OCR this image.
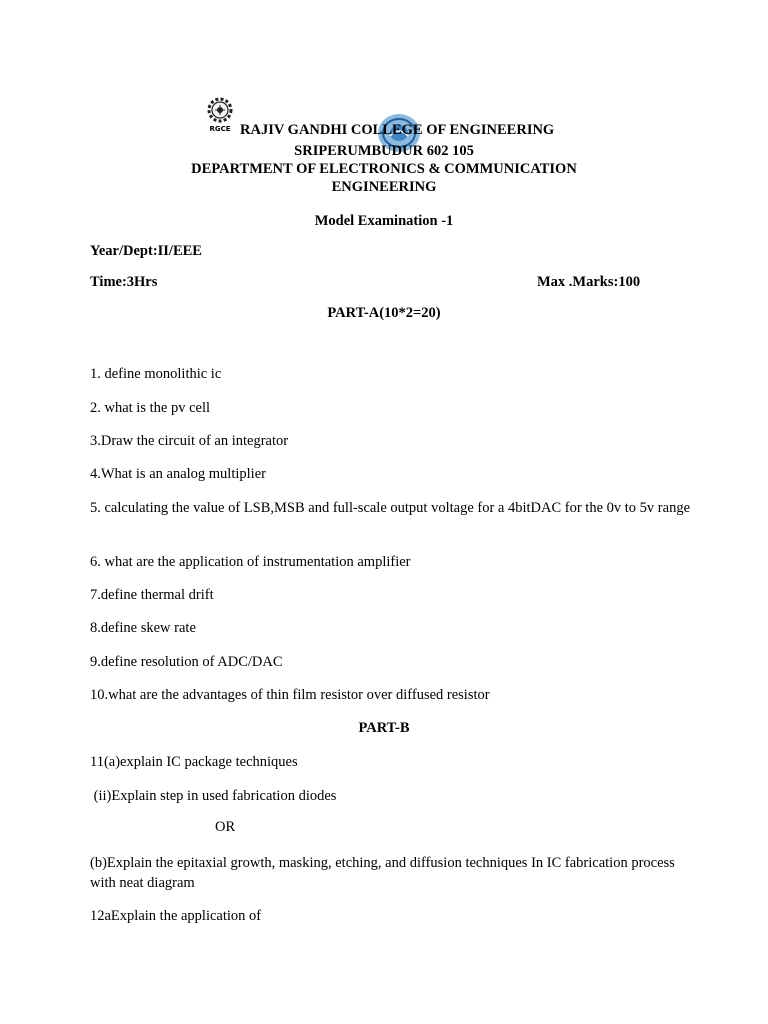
RGCE RAJIV GANDHI COLLEGE OF ENGINEERING
SRIPERUMBUDUR 602 105
DEPARTMENT OF ELECTRONICS & COMMUNICATION
ENGINEERING
Model Examination -1
Year/Dept:II/EEE
Time:3Hrs	Max .Marks:100
PART-A(10*2=20)
1. define monolithic ic
2. what is the pv cell
3.Draw the circuit of an integrator
4.What is an analog multiplier
5. calculating the value of LSB,MSB and full-scale output voltage for a 4bitDAC for the 0v to 5v range
6. what are the application of instrumentation amplifier
7.define thermal drift
8.define skew rate
9.define resolution of ADC/DAC
10.what are the advantages of thin film resistor over diffused resistor
PART-B
11(a)explain IC package techniques
(ii)Explain step in used fabrication diodes
OR
(b)Explain the epitaxial growth, masking, etching, and diffusion techniques In IC fabrication process with neat diagram
12aExplain the application of
